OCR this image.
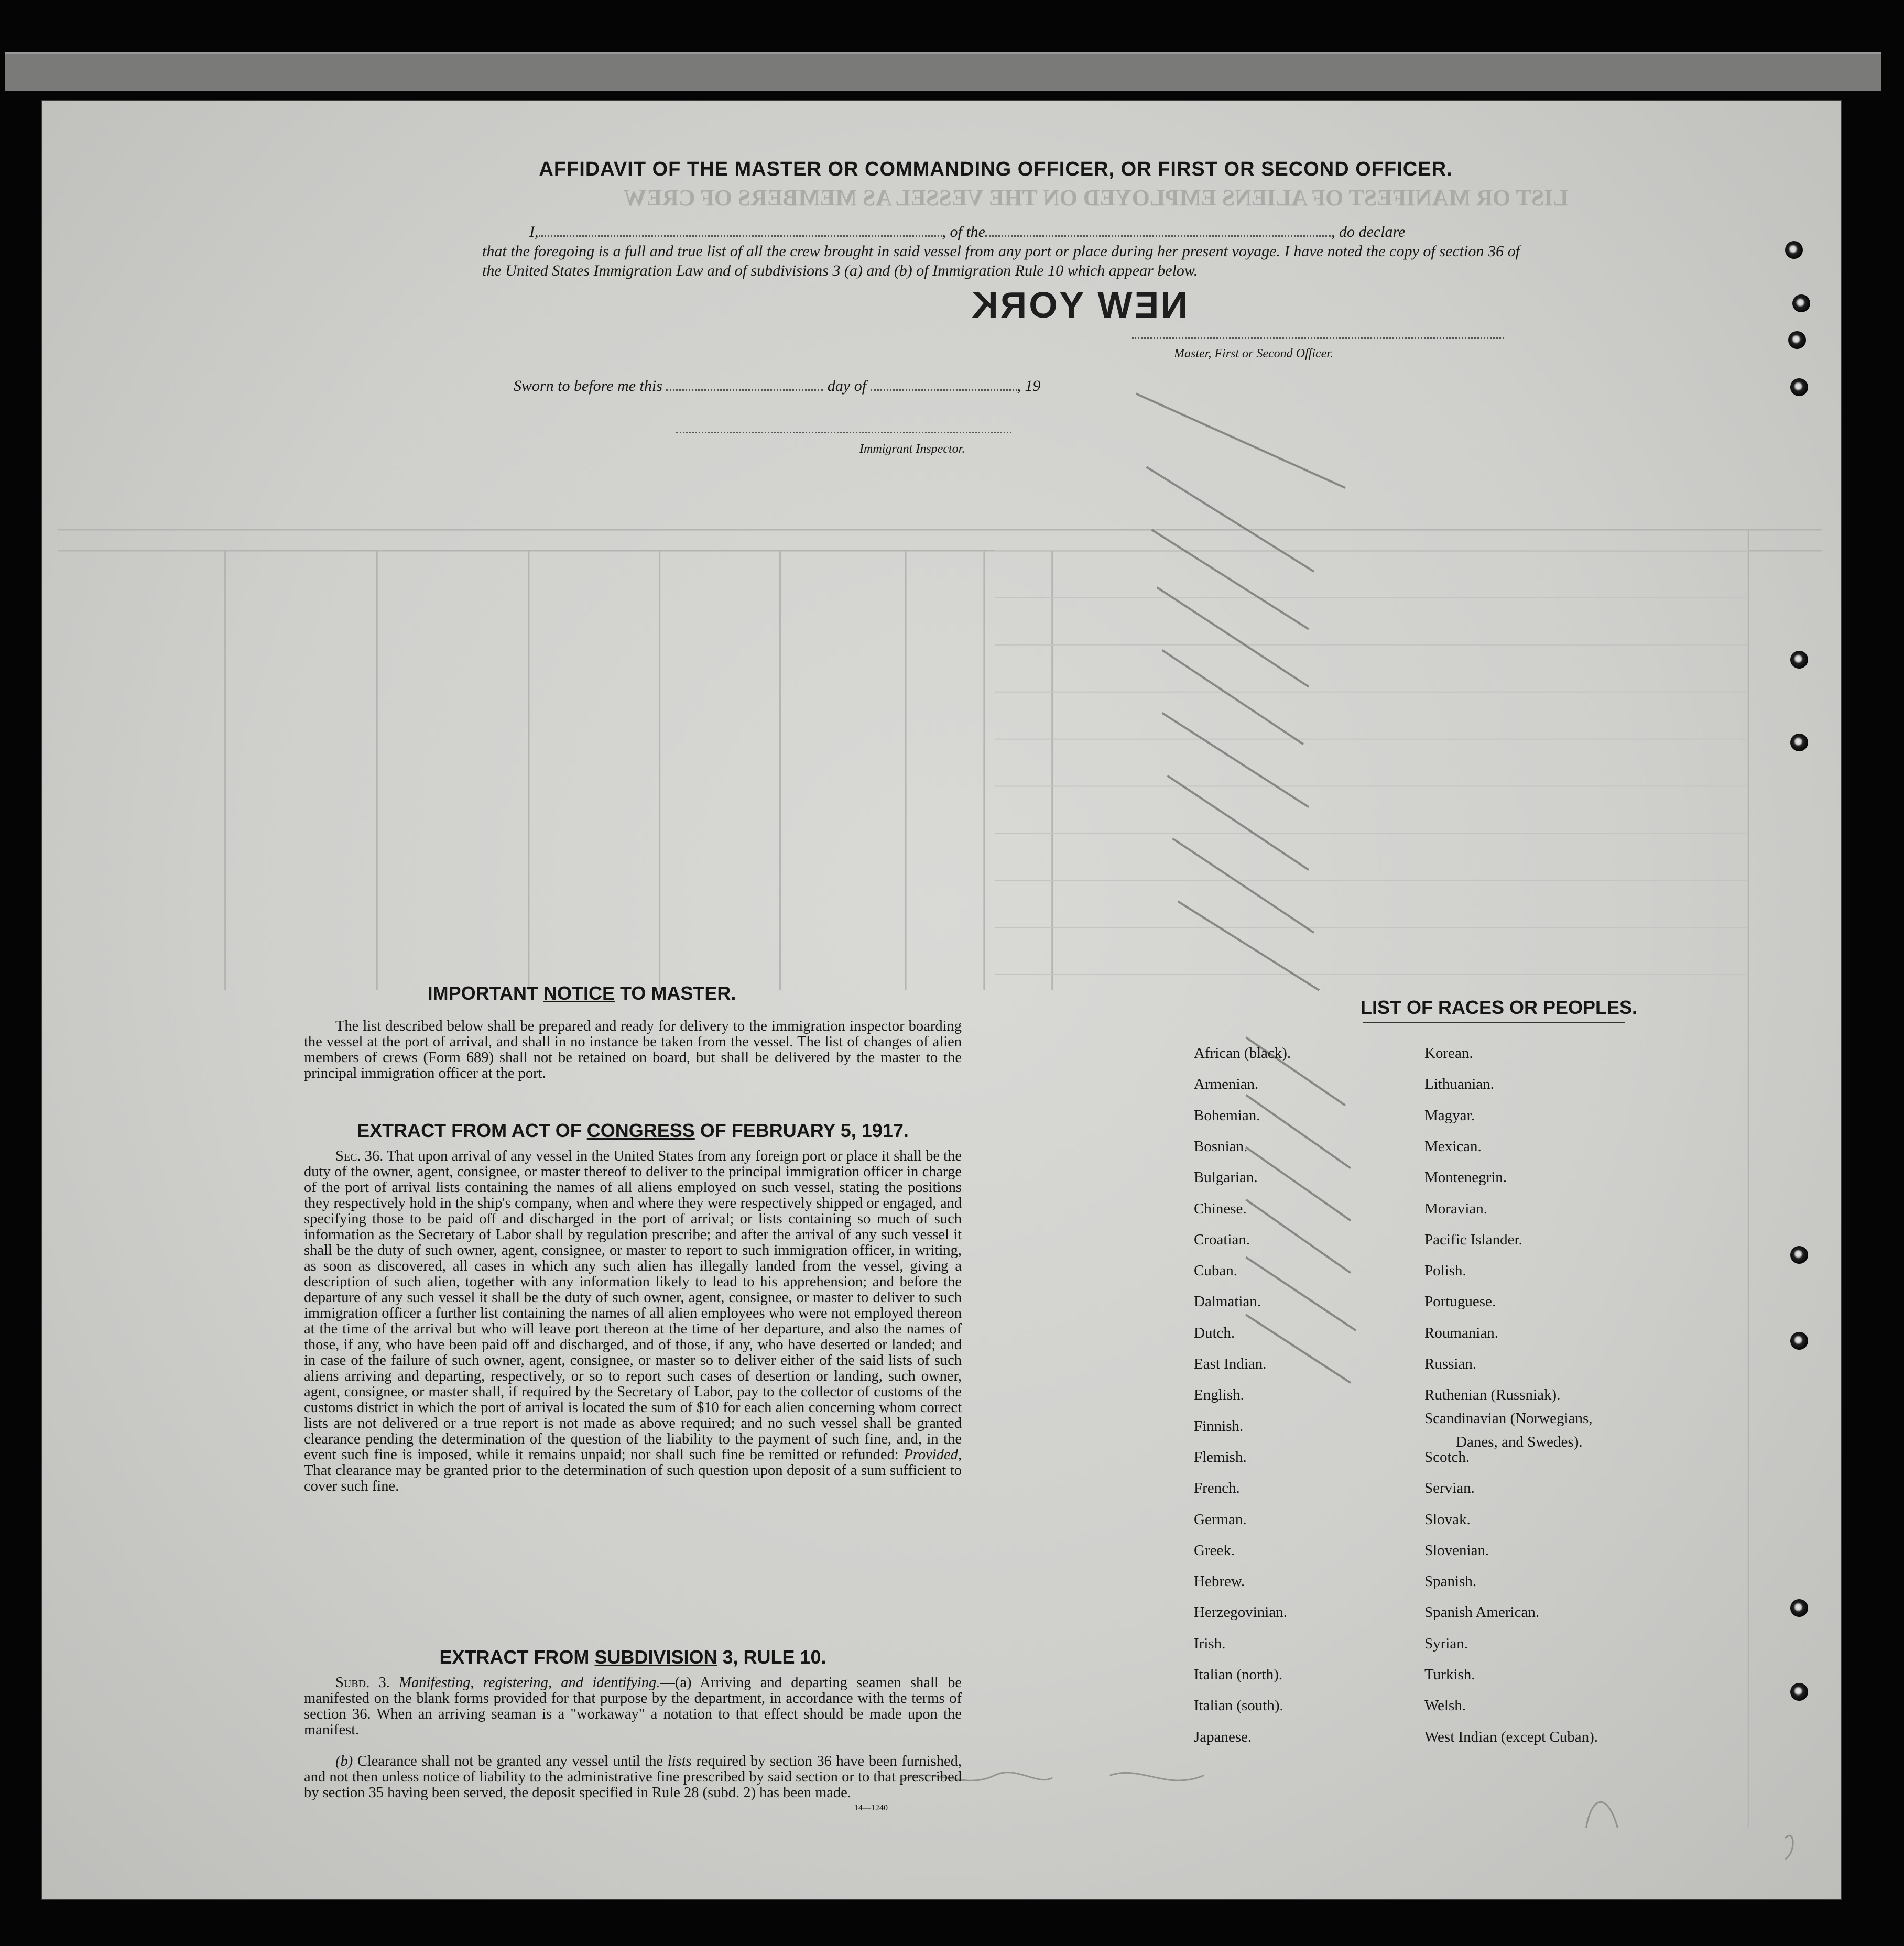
LIST OR MANIFEST OF ALIENS EMPLOYED ON THE VESSEL AS MEMBERS OF CREW
AFFIDAVIT OF THE MASTER OR COMMANDING OFFICER, OR FIRST OR SECOND OFFICER.
I,	, of the	, do declare
that the foregoing is a full and true list of all the crew brought in said vessel from any port or place during her present voyage. I have noted the copy of section 36 of the United States Immigration Law and of subdivisions 3 (a) and (b) of Immigration Rule 10 which appear below.
NEW YORK
Master, First or Second Officer.
Sworn to before me this	day of	, 19
Immigrant Inspector.
IMPORTANT NOTICE TO MASTER.
The list described below shall be prepared and ready for delivery to the immigration inspector boarding the vessel at the port of arrival, and shall in no instance be taken from the vessel. The list of changes of alien members of crews (Form 689) shall not be retained on board, but shall be delivered by the master to the principal immigration officer at the port.
EXTRACT FROM ACT OF CONGRESS OF FEBRUARY 5, 1917.
Sec. 36. That upon arrival of any vessel in the United States from any foreign port or place it shall be the duty of the owner, agent, consignee, or master thereof to deliver to the principal immigration officer in charge of the port of arrival lists containing the names of all aliens employed on such vessel, stating the positions they respectively hold in the ship's company, when and where they were respectively shipped or engaged, and specifying those to be paid off and discharged in the port of arrival; or lists containing so much of such information as the Secretary of Labor shall by regulation prescribe; and after the arrival of any such vessel it shall be the duty of such owner, agent, consignee, or master to report to such immigration officer, in writing, as soon as discovered, all cases in which any such alien has illegally landed from the vessel, giving a description of such alien, together with any information likely to lead to his apprehension; and before the departure of any such vessel it shall be the duty of such owner, agent, consignee, or master to deliver to such immigration officer a further list containing the names of all alien employees who were not employed thereon at the time of the arrival but who will leave port thereon at the time of her departure, and also the names of those, if any, who have been paid off and discharged, and of those, if any, who have deserted or landed; and in case of the failure of such owner, agent, consignee, or master so to deliver either of the said lists of such aliens arriving and departing, respectively, or so to report such cases of desertion or landing, such owner, agent, consignee, or master shall, if required by the Secretary of Labor, pay to the collector of customs of the customs district in which the port of arrival is located the sum of $10 for each alien concerning whom correct lists are not delivered or a true report is not made as above required; and no such vessel shall be granted clearance pending the determination of the question of the liability to the payment of such fine, and, in the event such fine is imposed, while it remains unpaid; nor shall such fine be remitted or refunded: Provided, That clearance may be granted prior to the determination of such question upon deposit of a sum sufficient to cover such fine.
EXTRACT FROM SUBDIVISION 3, RULE 10.
Subd. 3. Manifesting, registering, and identifying.—(a) Arriving and departing seamen shall be manifested on the blank forms provided for that purpose by the department, in accordance with the terms of section 36. When an arriving seaman is a "workaway" a notation to that effect should be made upon the manifest.
(b) Clearance shall not be granted any vessel until the lists required by section 36 have been furnished, and not then unless notice of liability to the administrative fine prescribed by said section or to that prescribed by section 35 having been served, the deposit specified in Rule 28 (subd. 2) has been made.
14—1240
LIST OF RACES OR PEOPLES.
African (black).
Armenian.
Bohemian.
Bosnian.
Bulgarian.
Chinese.
Croatian.
Cuban.
Dalmatian.
Dutch.
East Indian.
English.
Finnish.
Flemish.
French.
German.
Greek.
Hebrew.
Herzegovinian.
Irish.
Italian (north).
Italian (south).
Japanese.
Korean.
Lithuanian.
Magyar.
Mexican.
Montenegrin.
Moravian.
Pacific Islander.
Polish.
Portuguese.
Roumanian.
Russian.
Ruthenian (Russniak).
Scandinavian (Norwegians,
Danes, and Swedes).
Scotch.
Servian.
Slovak.
Slovenian.
Spanish.
Spanish American.
Syrian.
Turkish.
Welsh.
West Indian (except Cuban).
